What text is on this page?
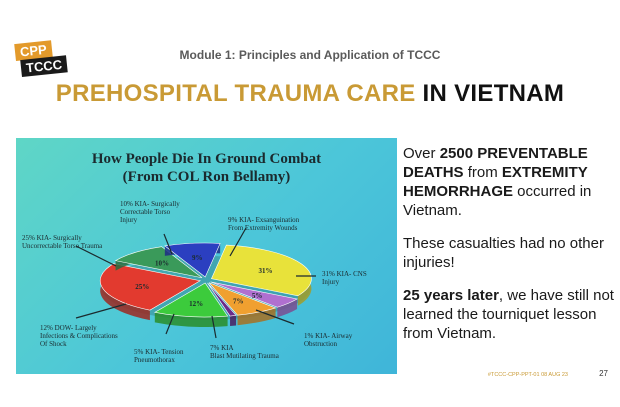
CPP
TCCC
Module 1: Principles and Application of TCCC
PREHOSPITAL TRAUMA CARE IN VIETNAM
How People Die In Ground Combat
(From COL Ron Bellamy)
31%
5%
7%
12%
25%
10%
9%
10% KIA- Surgically
Correctable Torso
Injury	9% KIA- Exsanguination
From Extremity Wounds
25% KIA- Surgically
Uncorrectable Torso Trauma
31% KIA- CNS
Injury
12% DOW- Largely
Infections & Complications
Of Shock
5% KIA- Tension
Pneumothorax
7% KIA
Blast Mutilating Trauma
1% KIA- Airway
Obstruction

Over 2500 PREVENTABLE DEATHS from EXTREMITY HEMORRHAGE occurred in Vietnam.

These casualties had no other injuries!

25 years later, we have still not learned the tourniquet lesson from Vietnam.

#TCCC-CPP-PPT-01 08 AUG 23	27
